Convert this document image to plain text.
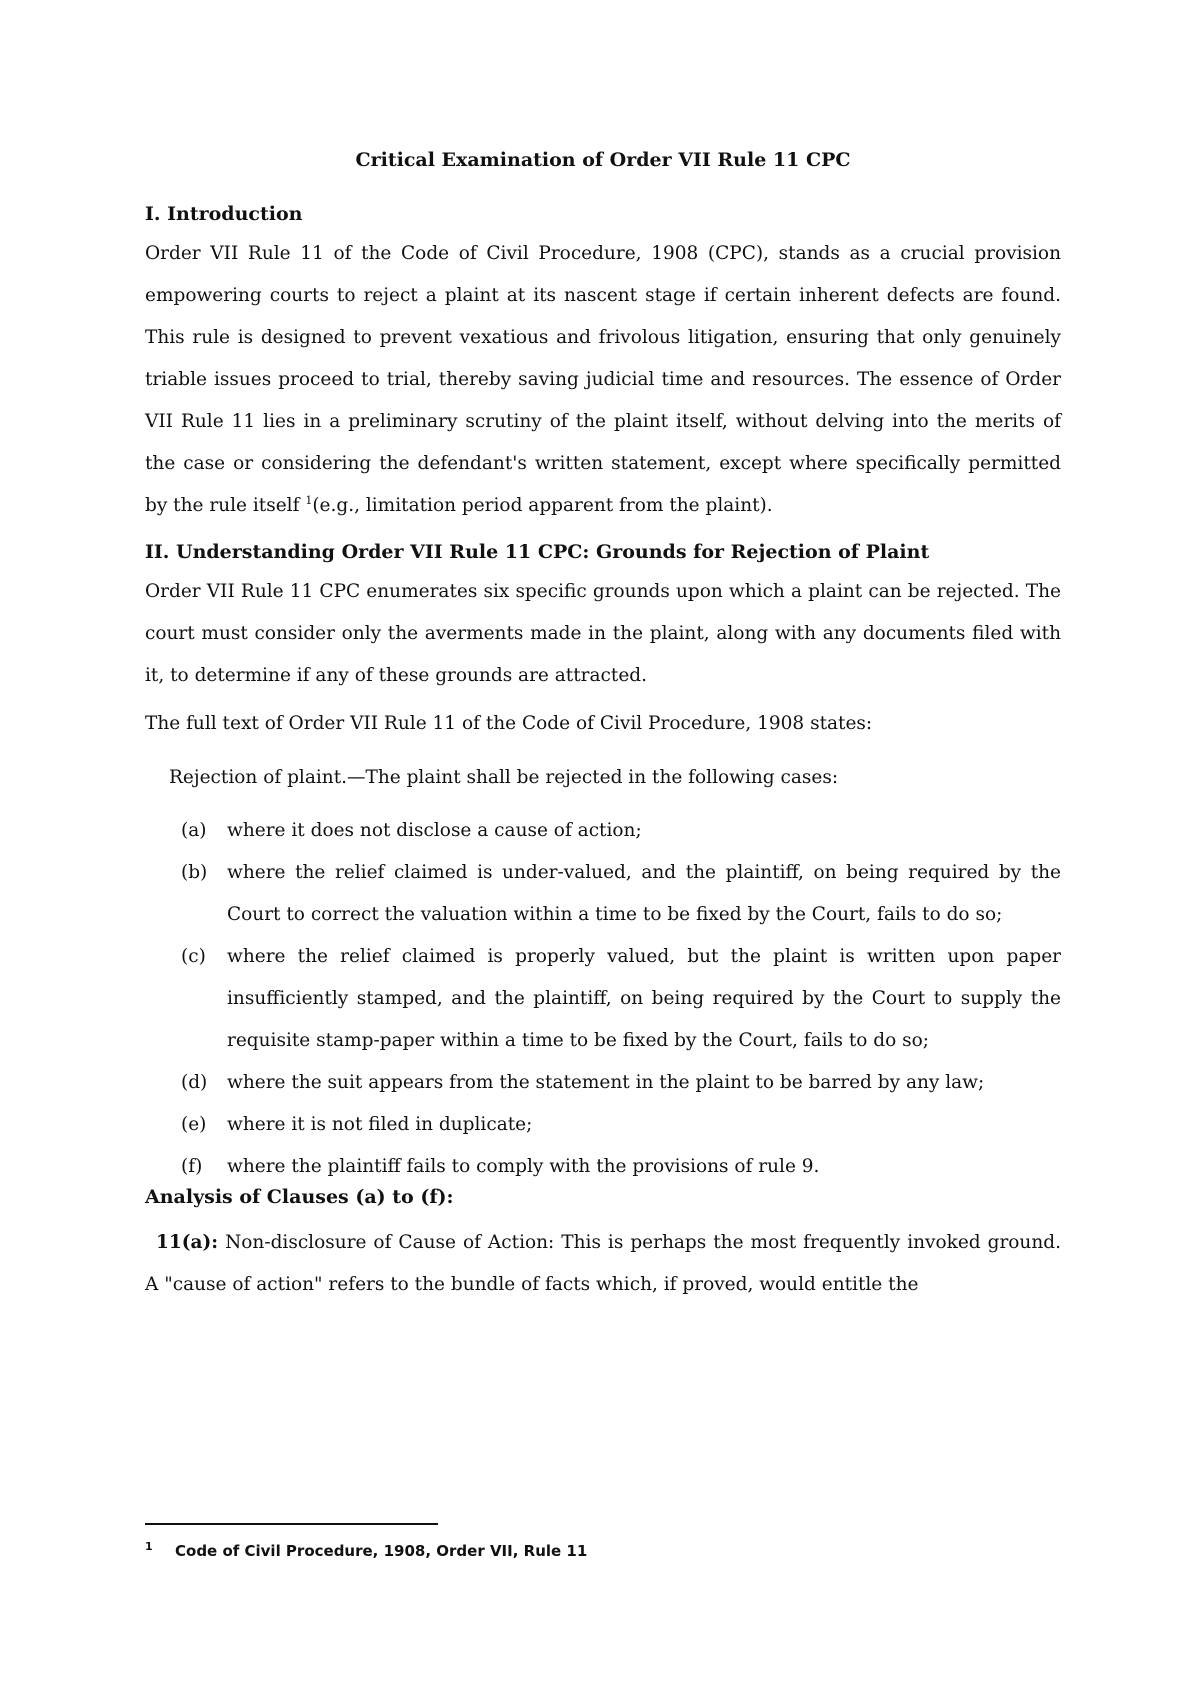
Critical Examination of Order VII Rule 11 CPC
I. Introduction

Order VII Rule 11 of the Code of Civil Procedure, 1908 (CPC), stands as a crucial provision empowering courts to reject a plaint at its nascent stage if certain inherent defects are found. This rule is designed to prevent vexatious and frivolous litigation, ensuring that only genuinely triable issues proceed to trial, thereby saving judicial time and resources. The essence of Order VII Rule 11 lies in a preliminary scrutiny of the plaint itself, without delving into the merits of the case or considering the defendant's written statement, except where specifically permitted by the rule itself $^1$(e.g., limitation period apparent from the plaint).

II. Understanding Order VII Rule 11 CPC: Grounds for Rejection of Plaint

Order VII Rule 11 CPC enumerates six specific grounds upon which a plaint can be rejected. The court must consider only the averments made in the plaint, along with any documents filed with it, to determine if any of these grounds are attracted.

The full text of Order VII Rule 11 of the Code of Civil Procedure, 1908 states:

Rejection of plaint.—The plaint shall be rejected in the following cases:

(a) where it does not disclose a cause of action;
(b) where the relief claimed is under-valued, and the plaintiff, on being required by the Court to correct the valuation within a time to be fixed by the Court, fails to do so;
(c) where the relief claimed is properly valued, but the plaint is written upon paper insufficiently stamped, and the plaintiff, on being required by the Court to supply the requisite stamp-paper within a time to be fixed by the Court, fails to do so;
(d) where the suit appears from the statement in the plaint to be barred by any law;
(e) where it is not filed in duplicate;
(f) where the plaintiff fails to comply with the provisions of rule 9.
Analysis of Clauses (a) to (f):

11(a): Non-disclosure of Cause of Action: This is perhaps the most frequently invoked ground. A "cause of action" refers to the bundle of facts which, if proved, would entitle the

1 Code of Civil Procedure, 1908, Order VII, Rule 11
